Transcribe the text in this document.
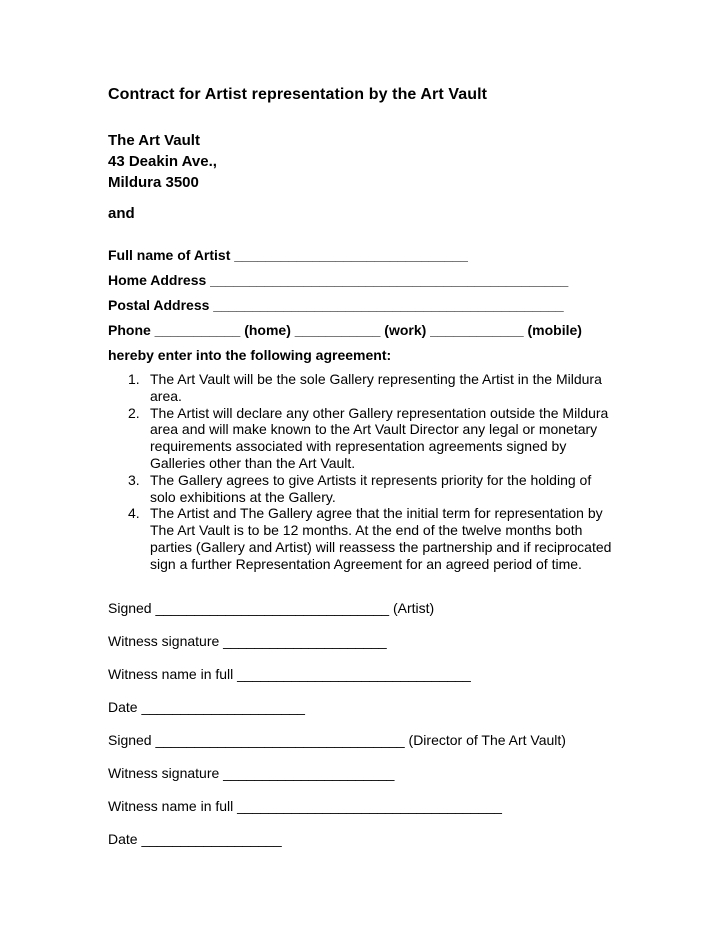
Contract for Artist representation by the Art Vault
The Art Vault
43 Deakin Ave.,
Mildura 3500
and
Full name of Artist ______________________________
Home Address ______________________________________________
Postal Address _____________________________________________
Phone ___________ (home) ___________ (work) ____________ (mobile)
hereby enter into the following agreement:
1. The Art Vault will be the sole Gallery representing the Artist in the Mildura area.
2. The Artist will declare any other Gallery representation outside the Mildura area and will make known to the Art Vault Director any legal or monetary requirements associated with representation agreements signed by Galleries other than the Art Vault.
3. The Gallery agrees to give Artists it represents priority for the holding of solo exhibitions at the Gallery.
4. The Artist and The Gallery agree that the initial term for representation by The Art Vault is to be 12 months. At the end of the twelve months both parties (Gallery and Artist) will reassess the partnership and if reciprocated sign a further Representation Agreement for an agreed period of time.
Signed ______________________________ (Artist)
Witness signature _____________________
Witness name in full ______________________________
Date _____________________
Signed ________________________________ (Director of The Art Vault)
Witness signature ______________________
Witness name in full __________________________________
Date __________________
